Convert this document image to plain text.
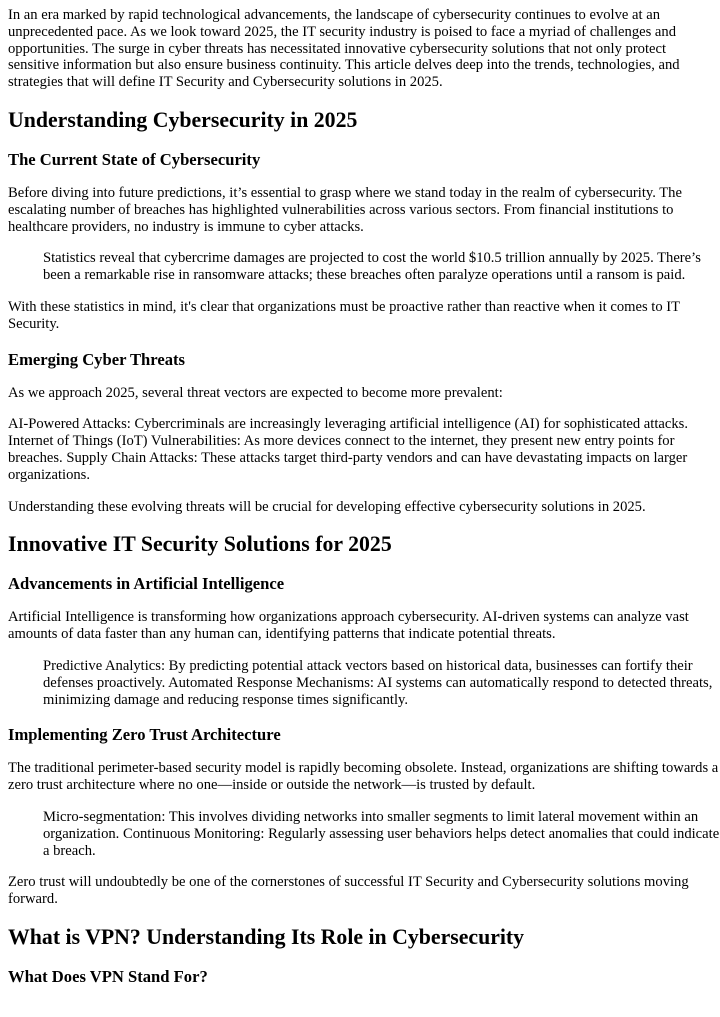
In an era marked by rapid technological advancements, the landscape of cybersecurity continues to evolve at an unprecedented pace. As we look toward 2025, the IT security industry is poised to face a myriad of challenges and opportunities. The surge in cyber threats has necessitated innovative cybersecurity solutions that not only protect sensitive information but also ensure business continuity. This article delves deep into the trends, technologies, and strategies that will define IT Security and Cybersecurity solutions in 2025.

Understanding Cybersecurity in 2025
The Current State of Cybersecurity

Before diving into future predictions, it’s essential to grasp where we stand today in the realm of cybersecurity. The escalating number of breaches has highlighted vulnerabilities across various sectors. From financial institutions to healthcare providers, no industry is immune to cyber attacks.

Statistics reveal that cybercrime damages are projected to cost the world $10.5 trillion annually by 2025. There’s been a remarkable rise in ransomware attacks; these breaches often paralyze operations until a ransom is paid.

With these statistics in mind, it's clear that organizations must be proactive rather than reactive when it comes to IT Security.

Emerging Cyber Threats

As we approach 2025, several threat vectors are expected to become more prevalent:

AI-Powered Attacks: Cybercriminals are increasingly leveraging artificial intelligence (AI) for sophisticated attacks. Internet of Things (IoT) Vulnerabilities: As more devices connect to the internet, they present new entry points for breaches. Supply Chain Attacks: These attacks target third-party vendors and can have devastating impacts on larger organizations.

Understanding these evolving threats will be crucial for developing effective cybersecurity solutions in 2025.

Innovative IT Security Solutions for 2025
Advancements in Artificial Intelligence

Artificial Intelligence is transforming how organizations approach cybersecurity. AI-driven systems can analyze vast amounts of data faster than any human can, identifying patterns that indicate potential threats.

Predictive Analytics: By predicting potential attack vectors based on historical data, businesses can fortify their defenses proactively. Automated Response Mechanisms: AI systems can automatically respond to detected threats, minimizing damage and reducing response times significantly.
Implementing Zero Trust Architecture

The traditional perimeter-based security model is rapidly becoming obsolete. Instead, organizations are shifting towards a zero trust architecture where no one—inside or outside the network—is trusted by default.

Micro-segmentation: This involves dividing networks into smaller segments to limit lateral movement within an organization. Continuous Monitoring: Regularly assessing user behaviors helps detect anomalies that could indicate a breach.

Zero trust will undoubtedly be one of the cornerstones of successful IT Security and Cybersecurity solutions moving forward.

What is VPN? Understanding Its Role in Cybersecurity
What Does VPN Stand For?
